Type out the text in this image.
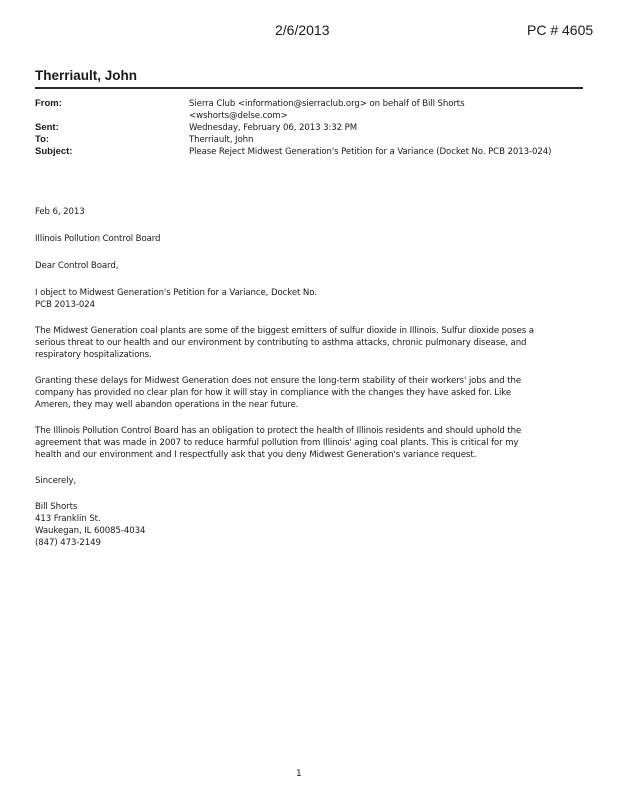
2/6/2013	PC # 4605
Therriault, John
From:	Sierra Club <information@sierraclub.org> on behalf of Bill Shorts
<wshorts@delse.com>
Sent:	Wednesday, February 06, 2013 3:32 PM
To:	Therriault, John
Subject:	Please Reject Midwest Generation's Petition for a Variance (Docket No. PCB 2013-024)

Feb 6, 2013

Illinois Pollution Control Board

Dear Control Board,

I object to Midwest Generation's Petition for a Variance, Docket No.

PCB 2013-024

The Midwest Generation coal plants are some of the biggest emitters of sulfur dioxide in Illinois. Sulfur dioxide poses a

serious threat to our health and our environment by contributing to asthma attacks, chronic pulmonary disease, and

respiratory hospitalizations.

Granting these delays for Midwest Generation does not ensure the long-term stability of their workers' jobs and the

company has provided no clear plan for how it will stay in compliance with the changes they have asked for. Like

Ameren, they may well abandon operations in the near future.

The Illinois Pollution Control Board has an obligation to protect the health of Illinois residents and should uphold the

agreement that was made in 2007 to reduce harmful pollution from Illinois' aging coal plants. This is critical for my

health and our environment and I respectfully ask that you deny Midwest Generation's variance request.

Sincerely,

Bill Shorts

413 Franklin St.

Waukegan, IL 60085-4034

(847) 473-2149

1
